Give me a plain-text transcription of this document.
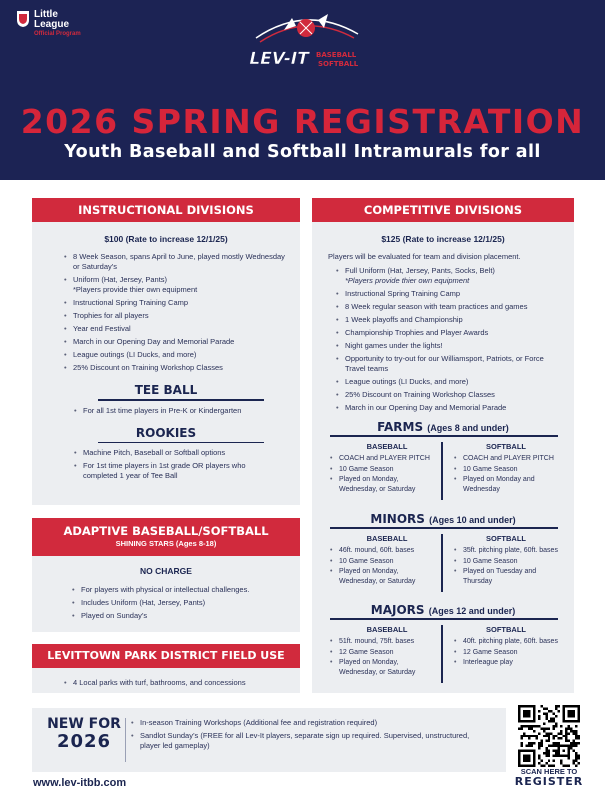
Little
League
Official Program
LEV-IT BASEBALL
SOFTBALL
2026 SPRING REGISTRATION
Youth Baseball and Softball Intramurals for all
INSTRUCTIONAL DIVISIONS
$100 (Rate to increase 12/1/25)
• 8 Week Season, spans April to June, played mostly Wednesday or Saturday’s
• Uniform (Hat, Jersey, Pants)
*Players provide thier own equipment
• Instructional Spring Training Camp
• Trophies for all players
• Year end Festival
• March in our Opening Day and Memorial Parade
• League outings (LI Ducks, and more)
• 25% Discount on Training Workshop Classes
TEE BALL
• For all 1st time players in Pre-K or Kindergarten
ROOKIES
• Machine Pitch, Baseball or Softball options
• For 1st time players in 1st grade OR players who completed 1 year of Tee Ball
ADAPTIVE BASEBALL/SOFTBALL
SHINING STARS (Ages 8-18)
NO CHARGE
• For players with physical or intellectual challenges.
• Includes Uniform (Hat, Jersey, Pants)
• Played on Sunday’s
LEVITTOWN PARK DISTRICT FIELD USE
• 4 Local parks with turf, bathrooms, and concessions
COMPETITIVE DIVISIONS
$125 (Rate to increase 12/1/25)
Players will be evaluated for team and division placement.
• Full Uniform (Hat, Jersey, Pants, Socks, Belt)
*Players provide thier own equipment
• Instructional Spring Training Camp
• 8 Week regular season with team practices and games
• 1 Week playoffs and Championship
• Championship Trophies and Player Awards
• Night games under the lights!
• Opportunity to try-out for our Williamsport, Patriots, or Force Travel teams
• League outings (LI Ducks, and more)
• 25% Discount on Training Workshop Classes
• March in our Opening Day and Memorial Parade
FARMS (Ages 8 and under)
BASEBALL
• COACH and PLAYER PITCH
• 10 Game Season
• Played on Monday, Wednesday, or Saturday
SOFTBALL
• COACH and PLAYER PITCH
• 10 Game Season
• Played on Monday and Wednesday
MINORS (Ages 10 and under)
BASEBALL
• 46ft. mound, 60ft. bases
• 10 Game Season
• Played on Monday, Wednesday, or Saturday
SOFTBALL
• 35ft. pitching plate, 60ft. bases
• 10 Game Season
• Played on Tuesday and Thursday
MAJORS (Ages 12 and under)
BASEBALL
• 51ft. mound, 75ft. bases
• 12 Game Season
• Played on Monday, Wednesday, or Saturday
SOFTBALL
• 40ft. pitching plate, 60ft. bases
• 12 Game Season
• Interleague play
NEW FOR
2026
• In-season Training Workshops (Additional fee and registration required)
• Sandlot Sunday’s (FREE for all Lev-It players, separate sign up required. Supervised, unstructured, player led gameplay)
www.lev-itbb.com
SCAN HERE TO
REGISTER
